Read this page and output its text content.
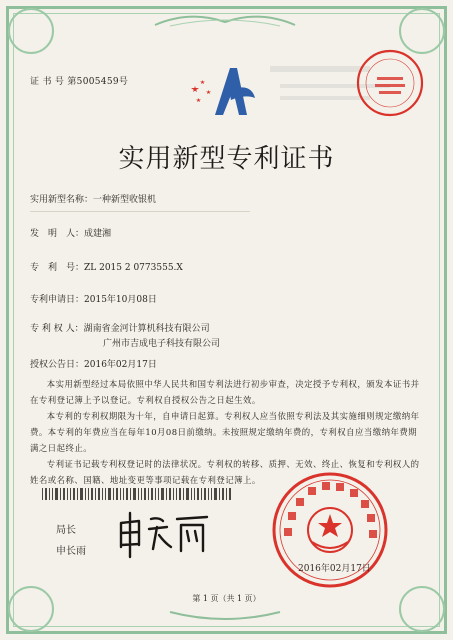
证 书 号 第5005459号
实用新型专利证书
实用新型名称：一种新型收银机
发　明　人：成建湘
专　利　号：ZL 2015 2 0773555.X
专利申请日：2015年10月08日
专 利 权 人：湖南省金河计算机科技有限公司
广州市吉成电子科技有限公司
授权公告日：2016年02月17日

本实用新型经过本局依照中华人民共和国专利法进行初步审查，决定授予专利权，颁发本证书并在专利登记簿上予以登记。专利权自授权公告之日起生效。

本专利的专利权期限为十年，自申请日起算。专利权人应当依照专利法及其实施细则规定缴纳年费。本专利的年费应当在每年10月08日前缴纳。未按照规定缴纳年费的，专利权自应当缴纳年费期满之日起终止。

专利证书记载专利权登记时的法律状况。专利权的转移、质押、无效、终止、恢复和专利权人的姓名或名称、国籍、地址变更等事项记载在专利登记簿上。

局长
申长雨
2016年02月17日
第 1 页（共 1 页）
